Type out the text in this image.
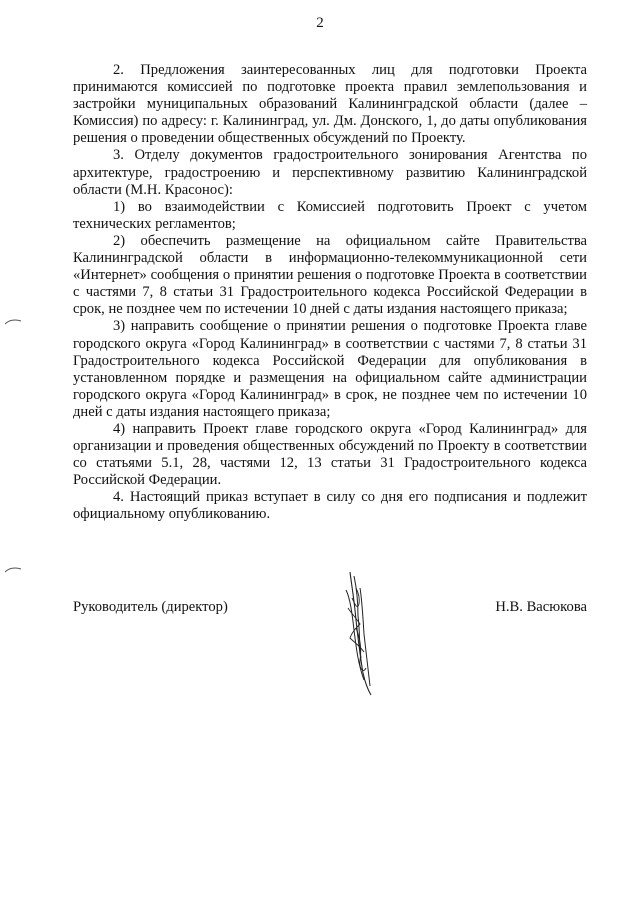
2

2. Предложения заинтересованных лиц для подготовки Проекта принимаются комиссией по подготовке проекта правил землепользования и застройки муниципальных образований Калининградской области (далее – Комиссия) по адресу: г. Калининград, ул. Дм. Донского, 1, до даты опубликования решения о проведении общественных обсуждений по Проекту.

3. Отделу документов градостроительного зонирования Агентства по архитектуре, градостроению и перспективному развитию Калининградской области (М.Н. Красонос):

1) во взаимодействии с Комиссией подготовить Проект с учетом технических регламентов;

2) обеспечить размещение на официальном сайте Правительства Калининградской области в информационно-телекоммуникационной сети «Интернет» сообщения о принятии решения о подготовке Проекта в соответствии с частями 7, 8 статьи 31 Градостроительного кодекса Российской Федерации в срок, не позднее чем по истечении 10 дней с даты издания настоящего приказа;

3) направить сообщение о принятии решения о подготовке Проекта главе городского округа «Город Калининград» в соответствии с частями 7, 8 статьи 31 Градостроительного кодекса Российской Федерации для опубликования в установленном порядке и размещения на официальном сайте администрации городского округа «Город Калининград» в срок, не позднее чем по истечении 10 дней с даты издания настоящего приказа;

4) направить Проект главе городского округа «Город Калининград» для организации и проведения общественных обсуждений по Проекту в соответствии со статьями 5.1, 28, частями 12, 13 статьи 31 Градостроительного кодекса Российской Федерации.

4. Настоящий приказ вступает в силу со дня его подписания и подлежит официальному опубликованию.

Руководитель (директор)	Н.В. Васюкова
